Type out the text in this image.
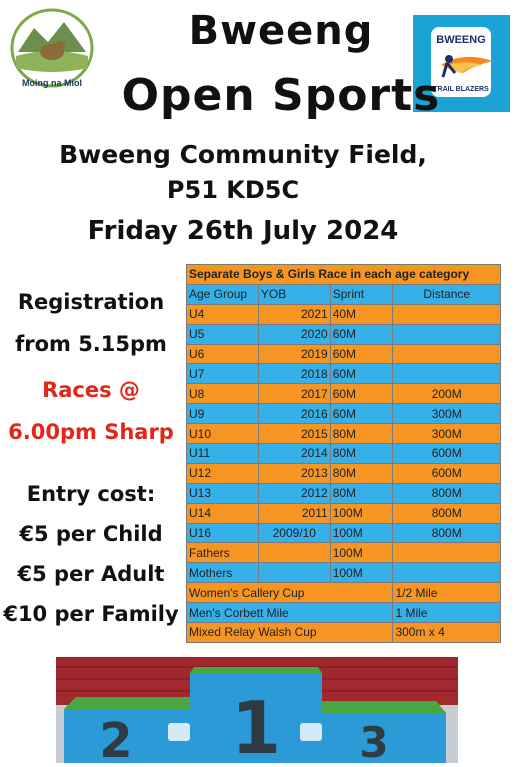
Moing na Míol
BWEENG
TRAIL BLAZERS
Bweeng
Open Sports
Bweeng Community Field,
P51 KD5C
Friday 26th July 2024
Registration
from 5.15pm
Races @
6.00pm Sharp
Entry cost:
€5 per Child
€5 per Adult
€10 per Family
Separate Boys & Girls Race in each age category			
Age Group	YOB	Sprint	Distance
U4	2021	40M	
U5	2020	60M	
U6	2019	60M	
U7	2018	60M	
U8	2017	60M	200M
U9	2016	60M	300M
U10	2015	80M	300M
U11	2014	80M	600M
U12	2013	80M	600M
U13	2012	80M	800M
U14	2011	100M	800M
U16	2009/10	100M	800M
Fathers		100M	
Mothers		100M	
Women's Callery Cup			1/2 Mile
Men's Corbett Mile			1 Mile
Mixed Relay Walsh Cup			300m x 4
1
2	3
